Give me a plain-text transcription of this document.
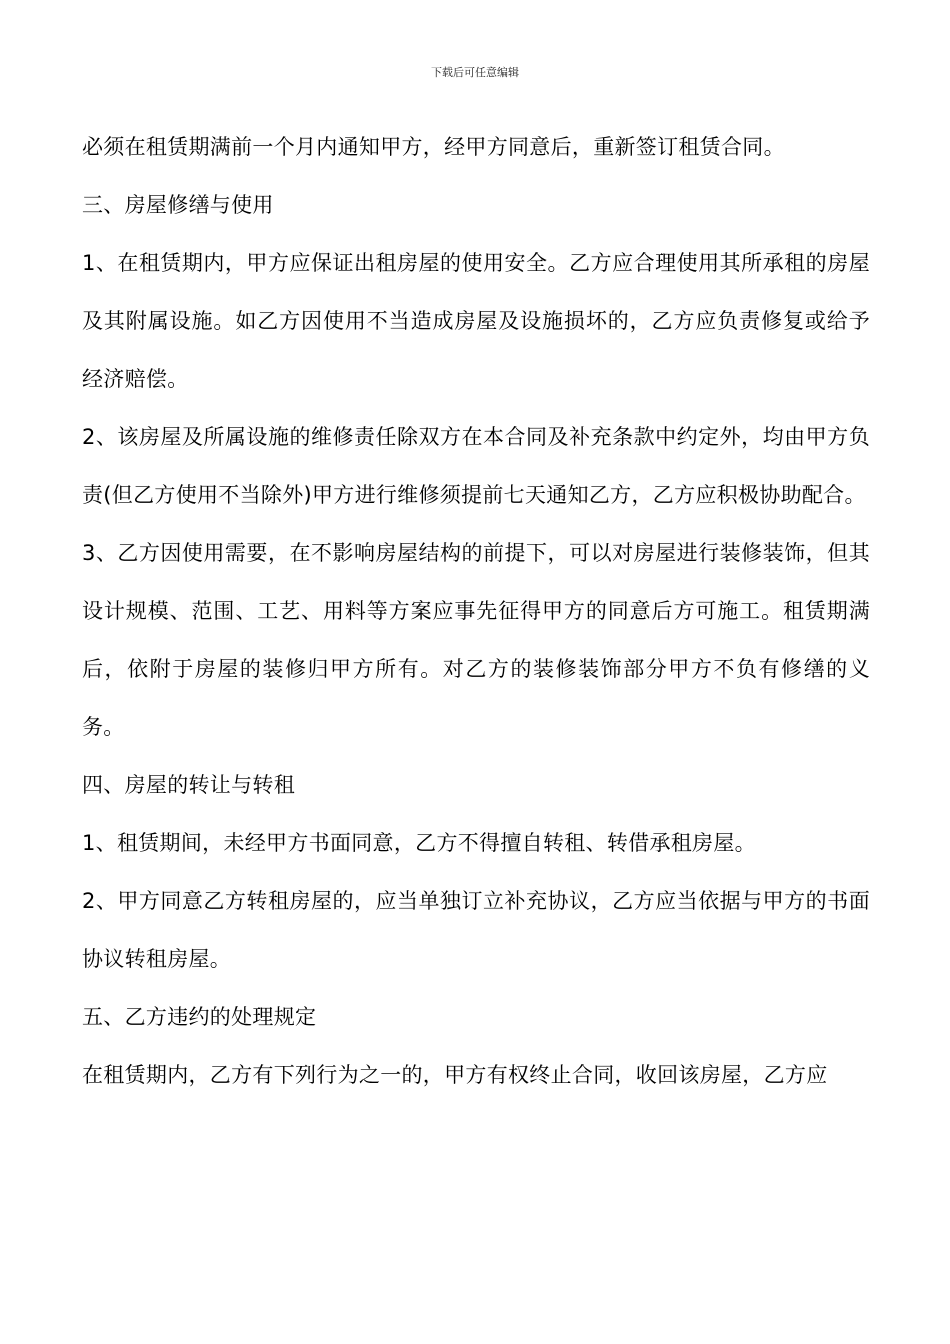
下载后可任意编辑

必须在租赁期满前一个月内通知甲方，经甲方同意后，重新签订租赁合同。

三、房屋修缮与使用

1、在租赁期内，甲方应保证出租房屋的使用安全。乙方应合理使用其所承租的房屋及其附属设施。如乙方因使用不当造成房屋及设施损坏的，乙方应负责修复或给予经济赔偿。

2、该房屋及所属设施的维修责任除双方在本合同及补充条款中约定外，均由甲方负责(但乙方使用不当除外)甲方进行维修须提前七天通知乙方，乙方应积极协助配合。

3、乙方因使用需要，在不影响房屋结构的前提下，可以对房屋进行装修装饰，但其设计规模、范围、工艺、用料等方案应事先征得甲方的同意后方可施工。租赁期满后，依附于房屋的装修归甲方所有。对乙方的装修装饰部分甲方不负有修缮的义务。

四、房屋的转让与转租

1、租赁期间，未经甲方书面同意，乙方不得擅自转租、转借承租房屋。

2、甲方同意乙方转租房屋的，应当单独订立补充协议，乙方应当依据与甲方的书面协议转租房屋。

五、乙方违约的处理规定

在租赁期内，乙方有下列行为之一的，甲方有权终止合同，收回该房屋，乙方应
